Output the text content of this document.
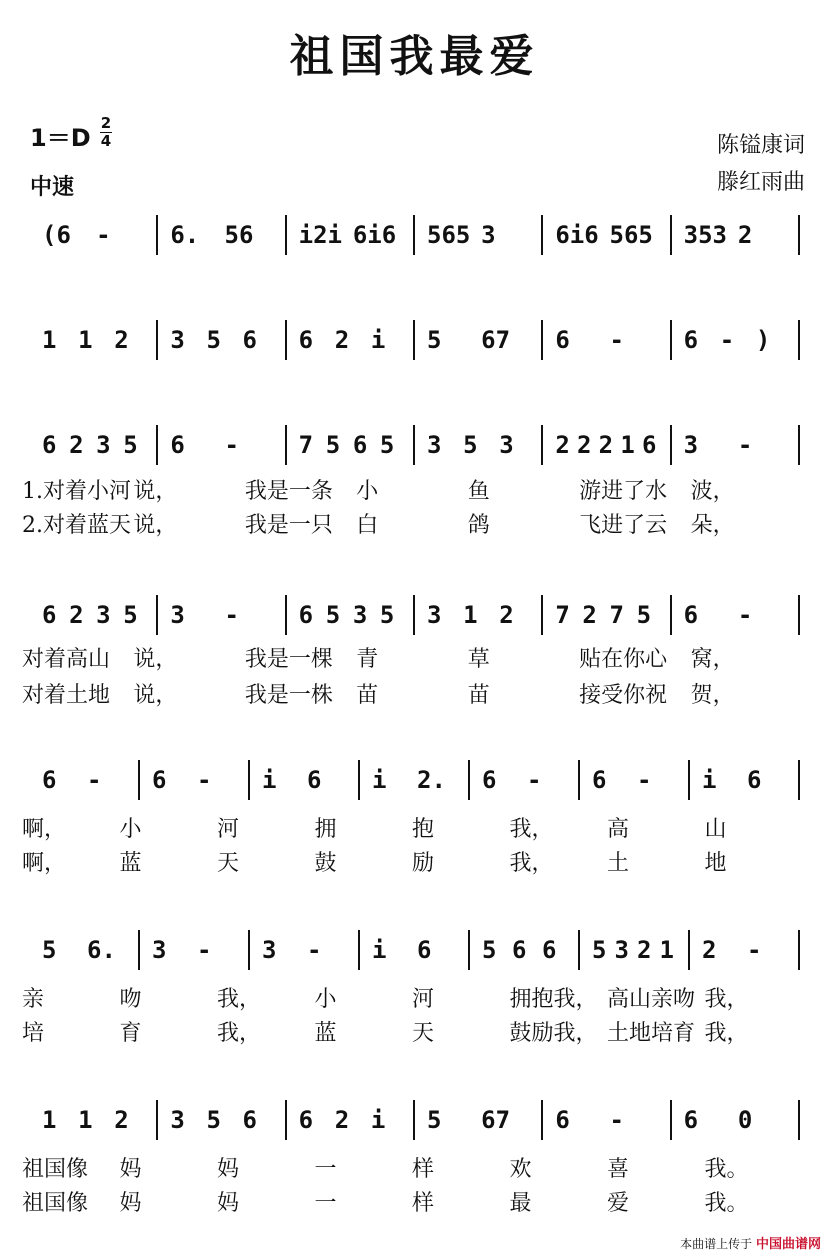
祖国我最爱
1＝D
2
4
中速
陈镒康词
滕红雨曲
(6 - 6. 56 i2i 6i6 565 3 6i6 565 353 2
1 1 2 3 5 6 6 2 i 5 67 6 - 6 - )
6 2 3 5 6 - 7 5 6 5 3 5 3 2 2 2 1 6 3 -
1.对着小河 说，	我是一条 小	鱼	游进了水 波，
2.对着蓝天 说，	我是一只 白	鸽	飞进了云 朵，
6 2 3 5 3 - 6 5 3 5 3 1 2 7 2 7 5 6 -
对着高山 说，	我是一棵 青	草	贴在你心 窝，
对着土地 说，	我是一株 苗	苗	接受你祝 贺，
6 - 6 - i 6 i 2. 6 - 6 - i 6
啊， 小	河	拥	抱	我， 高	山
啊， 蓝	天	鼓	励	我， 土	地
5 6. 3 - 3 - i 6 5 6 6 5 3 2 1 2 -
亲	吻	我， 小	河	拥抱我， 高山亲吻 我，
培	育	我， 蓝	天	鼓励我， 土地培育 我，
1 1 2 3 5 6 6 2 i 5 67 6 - 6 0
祖国像 妈	妈	一	样	欢	喜	我。
祖国像 妈	妈	一	样	最	爱	我。
本曲谱上传于 中国曲谱网
